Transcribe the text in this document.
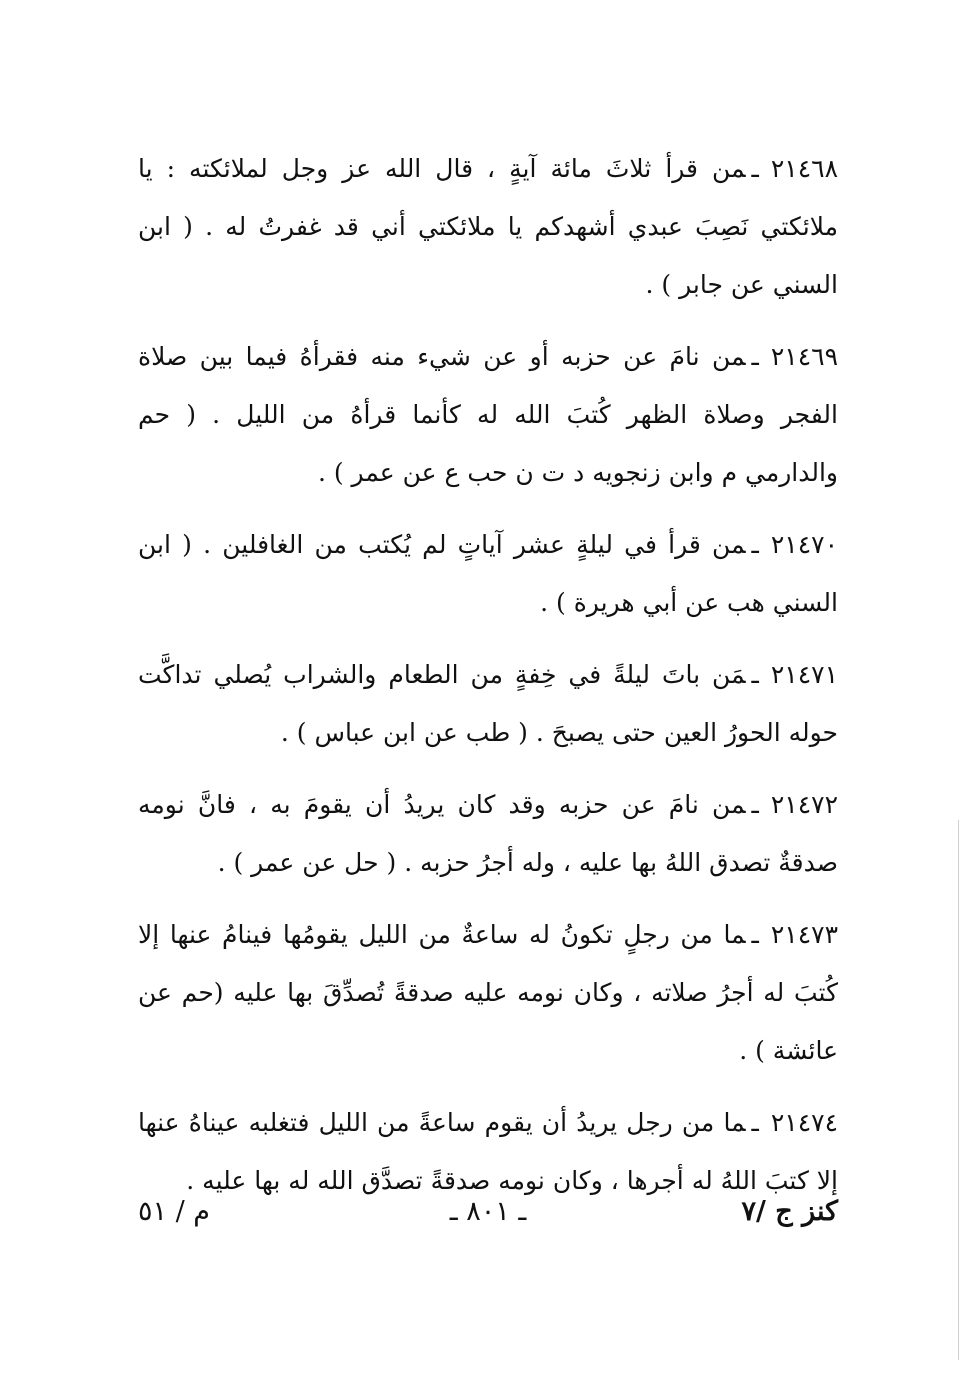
٢١٤٦٨ـمن قرأ ثلاثَ مائة آيةٍ ، قال الله عز وجل لملائكته : يا ملائكتي نَصِبَ عبدي أشهدكم يا ملائكتي أني قد غفرتُ له . ( ابن السني عن جابر ) .

٢١٤٦٩ـمن نامَ عن حزبه أو عن شيء منه فقرأهُ فيما بين صلاة الفجر وصلاة الظهر كُتبَ الله له كأنما قرأهُ من الليل . ( حم والدارمي م وابن زنجويه د ت ن حب ع عن عمر ) .

٢١٤٧٠ـمن قرأ في ليلةٍ عشر آياتٍ لم يُكتب من الغافلين . ( ابن السني هب عن أبي هريرة ) .

٢١٤٧١ـمَن باتَ ليلةً في خِفةٍ من الطعام والشراب يُصلي تداكَّت حوله الحورُ العين حتى يصبحَ . ( طب عن ابن عباس ) .

٢١٤٧٢ـمن نامَ عن حزبه وقد كان يريدُ أن يقومَ به ، فانَّ نومه صدقةٌ تصدق اللهُ بها عليه ، وله أجرُ حزبه . ( حل عن عمر ) .

٢١٤٧٣ـما من رجلٍ تكونُ له ساعةٌ من الليل يقومُها فينامُ عنها إلا كُتبَ له أجرُ صلاته ، وكان نومه عليه صدقةً تُصدِّقَ بها عليه (حم عن عائشة ) .

٢١٤٧٤ـما من رجل يريدُ أن يقوم ساعةً من الليل فتغلبه عيناهُ عنها إلا كتبَ اللهُ له أجرها ، وكان نومه صدقةً تصدَّق الله له بها عليه .

كنز ج /٧
ـ ٨٠١ ـ
م / ٥١
